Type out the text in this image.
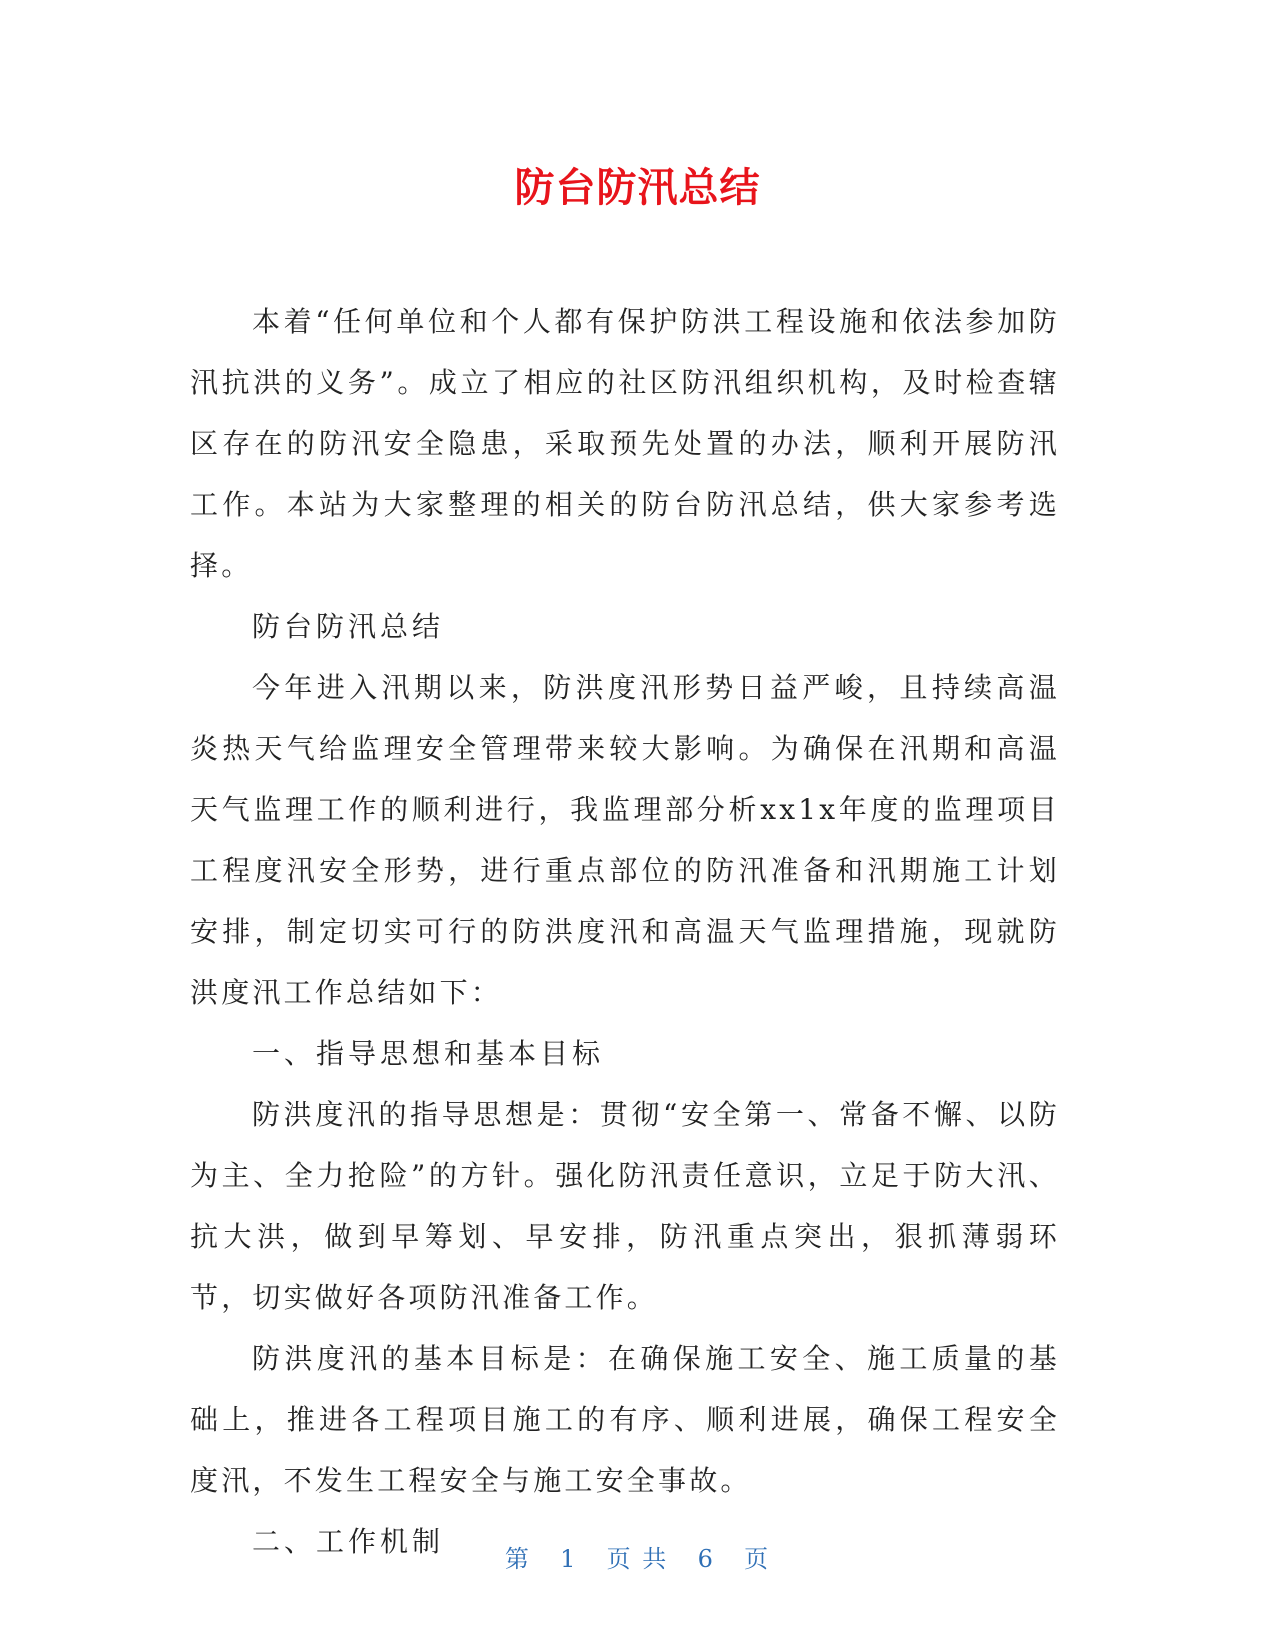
防台防汛总结

本着“任何单位和个人都有保护防洪工程设施和依法参加防汛抗洪的义务”。成立了相应的社区防汛组织机构，及时检查辖区存在的防汛安全隐患，采取预先处置的办法，顺利开展防汛工作。本站为大家整理的相关的防台防汛总结，供大家参考选择。

防台防汛总结

今年进入汛期以来，防洪度汛形势日益严峻，且持续高温炎热天气给监理安全管理带来较大影响。为确保在汛期和高温天气监理工作的顺利进行，我监理部分析xx1x年度的监理项目工程度汛安全形势，进行重点部位的防汛准备和汛期施工计划安排，制定切实可行的防洪度汛和高温天气监理措施，现就防洪度汛工作总结如下：

一、指导思想和基本目标

防洪度汛的指导思想是：贯彻“安全第一、常备不懈、以防为主、全力抢险”的方针。强化防汛责任意识，立足于防大汛、抗大洪，做到早筹划、早安排，防汛重点突出，狠抓薄弱环节，切实做好各项防汛准备工作。

防洪度汛的基本目标是：在确保施工安全、施工质量的基础上，推进各工程项目施工的有序、顺利进展，确保工程安全度汛，不发生工程安全与施工安全事故。

二、工作机制

第 1 页 共 6 页
